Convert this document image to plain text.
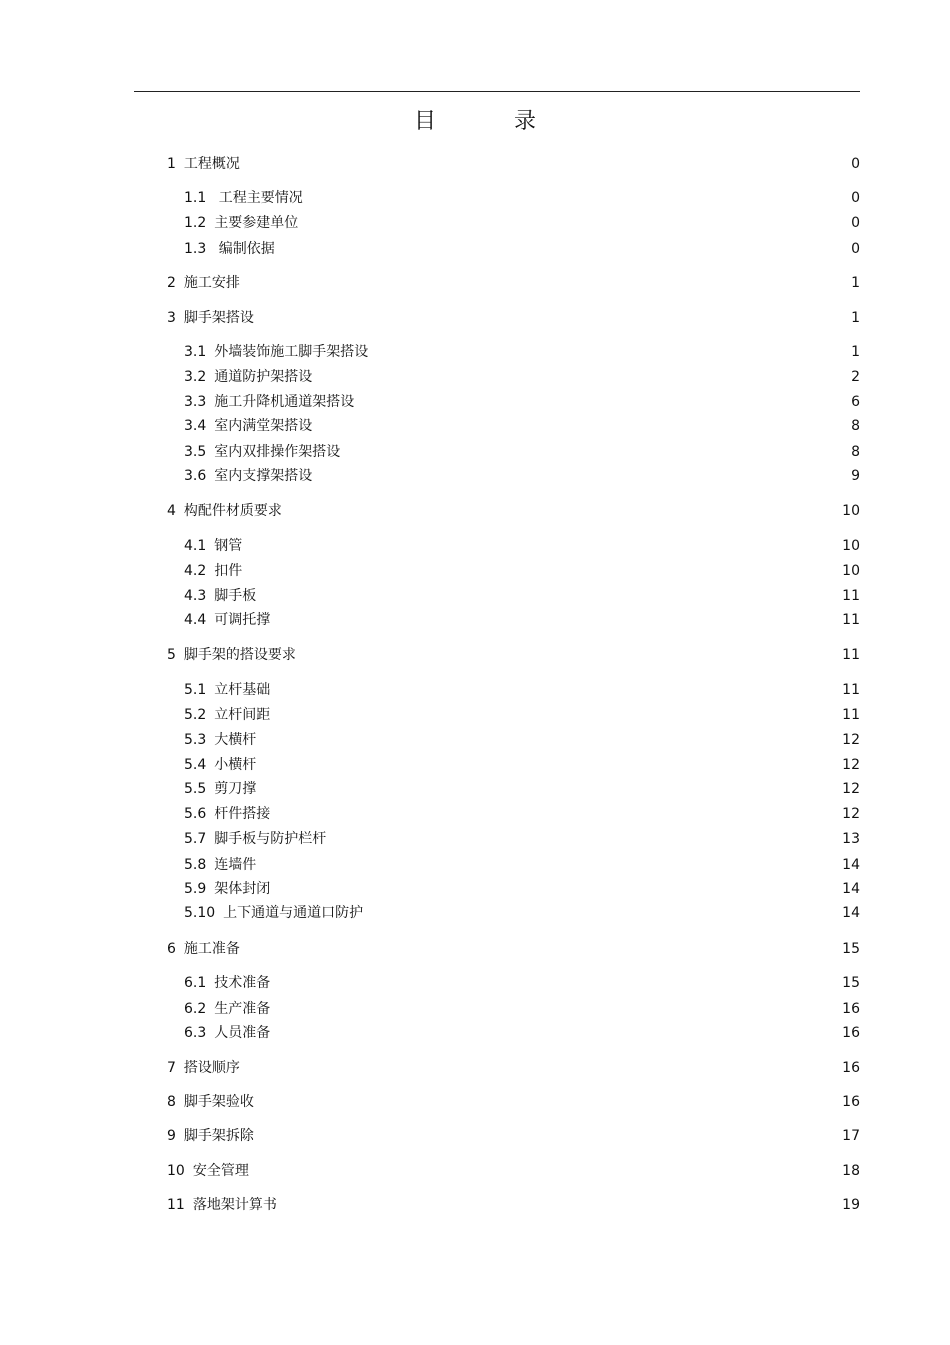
目	录
1 工程概况	0
1.1 工程主要情况	0
1.2 主要参建单位	0
1.3 编制依据	0
2 施工安排	1
3 脚手架搭设	1
3.1 外墙装饰施工脚手架搭设	1
3.2 通道防护架搭设	2
3.3 施工升降机通道架搭设	6
3.4 室内满堂架搭设	8
3.5 室内双排操作架搭设	8
3.6 室内支撑架搭设	9
4 构配件材质要求	10
4.1 钢管	10
4.2 扣件	10
4.3 脚手板	11
4.4 可调托撑	11
5 脚手架的搭设要求	11
5.1 立杆基础	11
5.2 立杆间距	11
5.3 大横杆	12
5.4 小横杆	12
5.5 剪刀撑	12
5.6 杆件搭接	12
5.7 脚手板与防护栏杆	13
5.8 连墙件	14
5.9 架体封闭	14
5.10 上下通道与通道口防护	14
6 施工准备	15
6.1 技术准备	15
6.2 生产准备	16
6.3 人员准备	16
7 搭设顺序	16
8 脚手架验收	16
9 脚手架拆除	17
10 安全管理	18
11 落地架计算书	19
